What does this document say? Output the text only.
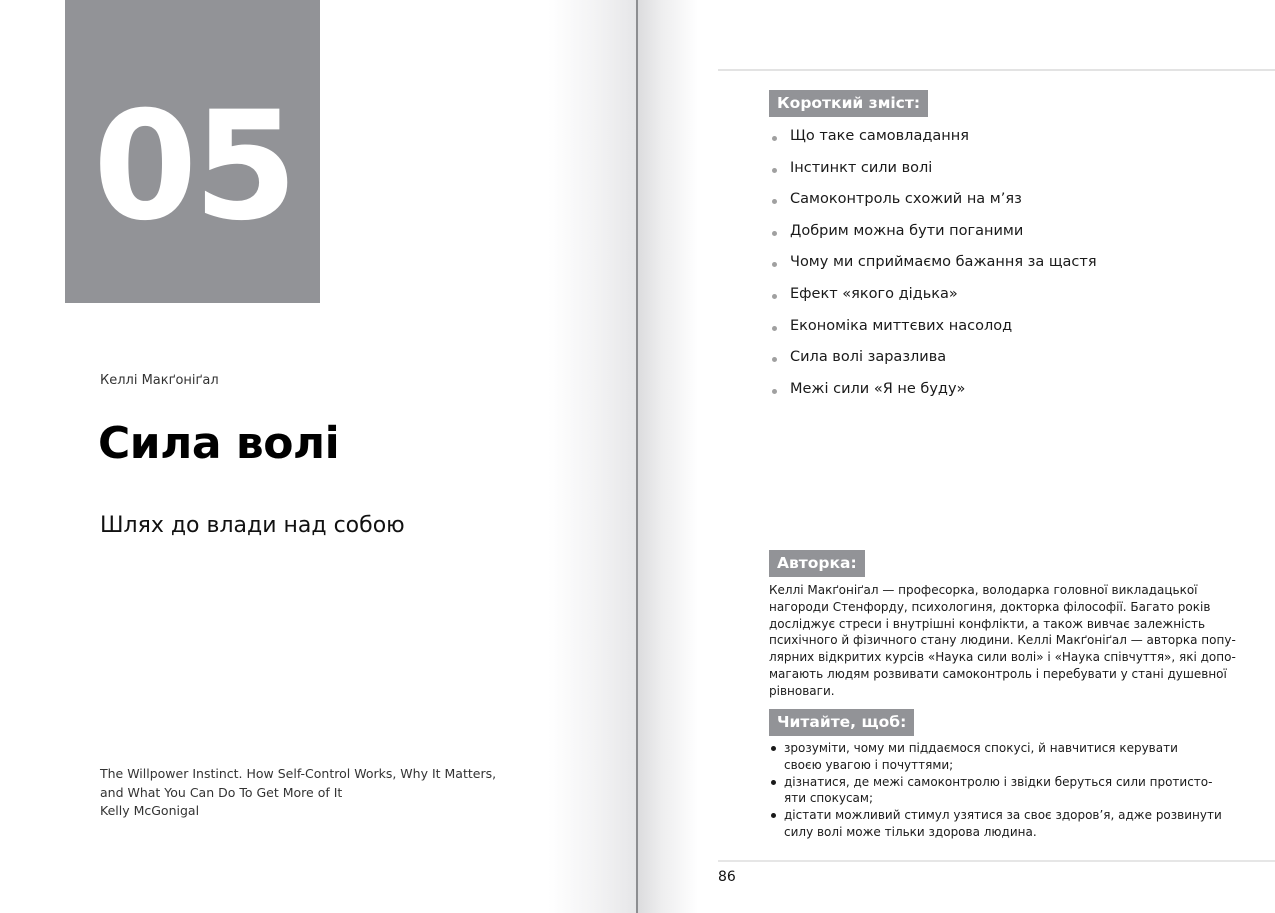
05
Келлі Макґоніґал
Сила волі
Шлях до влади над собою
The Willpower Instinct. How Self-Control Works, Why It Matters,
and What You Can Do To Get More of It
Kelly McGonigal
Короткий зміст:
Що таке самовладання
Інстинкт сили волі
Самоконтроль схожий на м’яз
Добрим можна бути поганими
Чому ми сприймаємо бажання за щастя
Ефект «якого дідька»
Економіка миттєвих насолод
Сила волі заразлива
Межі сили «Я не буду»
Авторка:
Келлі Макґоніґал — професорка, володарка головної викладацької
нагороди Стенфорду, психологиня, докторка філософії. Багато років
досліджує стреси і внутрішні конфлікти, а також вивчає залежність
психічного й фізичного стану людини. Келлі Макґоніґал — авторка попу-
лярних відкритих курсів «Наука сили волі» і «Наука співчуття», які допо-
магають людям розвивати самоконтроль і перебувати у стані душевної
рівноваги.
Читайте, щоб:
зрозуміти, чому ми піддаємося спокусі, й навчитися керувати
своєю увагою і почуттями;
дізнатися, де межі самоконтролю і звідки беруться сили протисто-
яти спокусам;
дістати можливий стимул узятися за своє здоров’я, адже розвинути
силу волі може тільки здорова людина.
86
